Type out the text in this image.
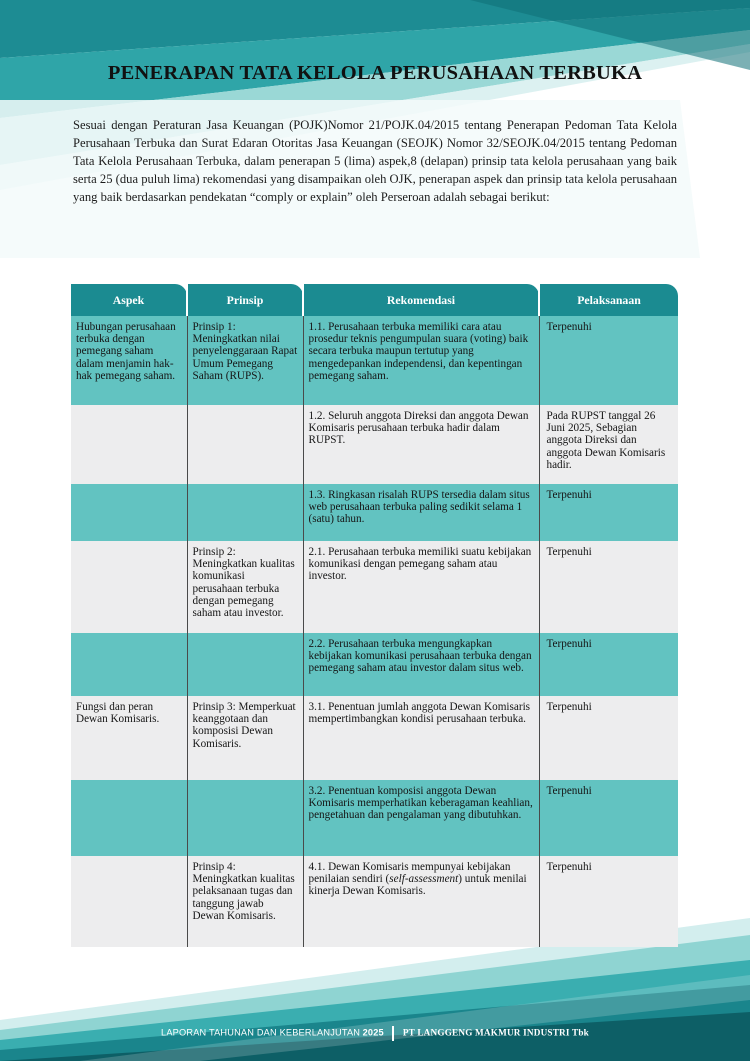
PENERAPAN TATA KELOLA PERUSAHAAN TERBUKA

Sesuai dengan Peraturan Jasa Keuangan (POJK)Nomor 21/POJK.04/2015 tentang Penerapan Pedoman Tata Kelola Perusahaan Terbuka dan Surat Edaran Otoritas Jasa Keuangan (SEOJK) Nomor 32/SEOJK.04/2015 tentang Pedoman Tata Kelola Perusahaan Terbuka, dalam penerapan 5 (lima) aspek,8 (delapan) prinsip tata kelola perusahaan yang baik serta 25 (dua puluh lima) rekomendasi yang disampaikan oleh OJK, penerapan aspek dan prinsip tata kelola perusahaan yang baik berdasarkan pendekatan “comply or explain” oleh Perseroan adalah sebagai berikut:

Aspek	Prinsip	Rekomendasi	Pelaksanaan
Hubungan perusahaan terbuka dengan pemegang saham dalam menjamin hak-hak pemegang saham.	Prinsip 1: Meningkatkan nilai penyelenggaraan Rapat Umum Pemegang Saham (RUPS).	1.1. Perusahaan terbuka memiliki cara atau prosedur teknis pengumpulan suara (voting) baik secara terbuka maupun tertutup yang mengedepankan independensi, dan kepentingan pemegang saham.	Terpenuhi
		1.2. Seluruh anggota Direksi dan anggota Dewan Komisaris perusahaan terbuka hadir dalam RUPST.	Pada RUPST tanggal 26 Juni 2025, Sebagian anggota Direksi dan anggota Dewan Komisaris hadir.
		1.3. Ringkasan risalah RUPS tersedia dalam situs web perusahaan terbuka paling sedikit selama 1 (satu) tahun.	Terpenuhi
	Prinsip 2: Meningkatkan kualitas komunikasi perusahaan terbuka dengan pemegang saham atau investor.	2.1. Perusahaan terbuka memiliki suatu kebijakan komunikasi dengan pemegang saham atau investor.	Terpenuhi
		2.2. Perusahaan terbuka mengungkapkan kebijakan komunikasi perusahaan terbuka dengan pemegang saham atau investor dalam situs web.	Terpenuhi
Fungsi dan peran Dewan Komisaris.	Prinsip 3: Memperkuat keanggotaan dan komposisi Dewan Komisaris.	3.1. Penentuan jumlah anggota Dewan Komisaris mempertimbangkan kondisi perusahaan terbuka.	Terpenuhi
		3.2. Penentuan komposisi anggota Dewan Komisaris memperhatikan keberagaman keahlian, pengetahuan dan pengalaman yang dibutuhkan.	Terpenuhi
	Prinsip 4: Meningkatkan kualitas pelaksanaan tugas dan tanggung jawab Dewan Komisaris.	4.1. Dewan Komisaris mempunyai kebijakan penilaian sendiri (self-assessment) untuk menilai kinerja Dewan Komisaris.	Terpenuhi
LAPORAN TAHUNAN DAN KEBERLANJUTAN 2025 PT LANGGENG MAKMUR INDUSTRI Tbk
